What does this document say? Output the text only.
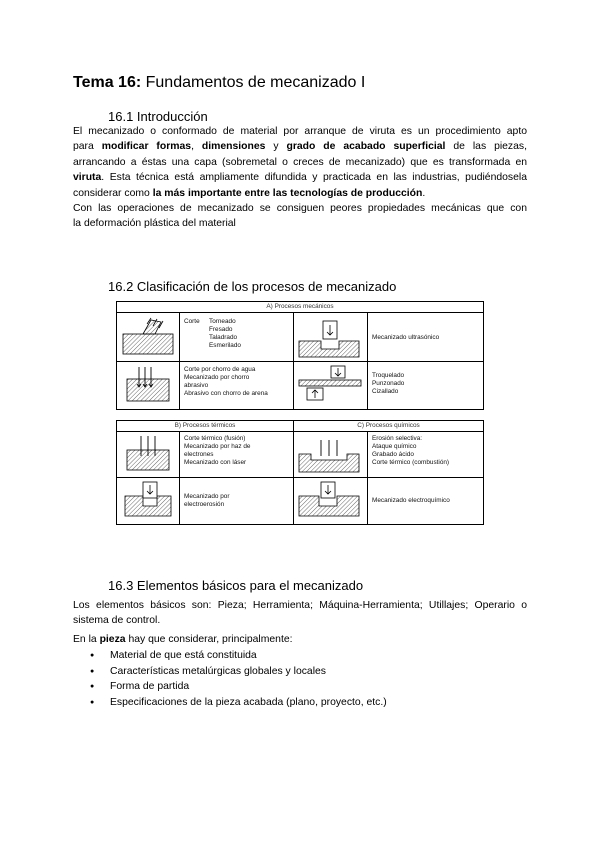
Tema 16: Fundamentos de mecanizado I
16.1 Introducción
El mecanizado o conformado de material por arranque de viruta es un procedimiento apto
para modificar formas, dimensiones y grado de acabado superficial de las piezas,
arrancando a éstas una capa (sobremetal o creces de mecanizado) que es transformada en
viruta. Esta técnica está ampliamente difundida y practicada en las industrias, pudiéndosela
considerar como la más importante entre las tecnologías de producción.
Con las operaciones de mecanizado se consiguen peores propiedades mecánicas que con
la deformación plástica del material
16.2 Clasificación de los procesos de mecanizado
A) Procesos mecánicos
Corte Torneado
Fresado
Taladrado
Esmerilado
Mecanizado ultrasónico
Corte por chorro de agua
Mecanizado por chorro
abrasivo
Abrasivo con chorro de arena
Troquelado
Punzonado
Cizallado
B) Procesos térmicos	C) Procesos químicos
Corte térmico (fusión)
Mecanizado por haz de
electrones
Mecanizado con láser
Erosión selectiva:
Ataque químico
Grabado ácido
Corte térmico (combustión)
Mecanizado por
electroerosión
Mecanizado electroquímico
16.3 Elementos básicos para el mecanizado
Los elementos básicos son: Pieza; Herramienta; Máquina-Herramienta; Utillajes; Operario o
sistema de control.
En la pieza hay que considerar, principalmente:
● Material de que está constituida
● Características metalúrgicas globales y locales
● Forma de partida
● Especificaciones de la pieza acabada (plano, proyecto, etc.)
